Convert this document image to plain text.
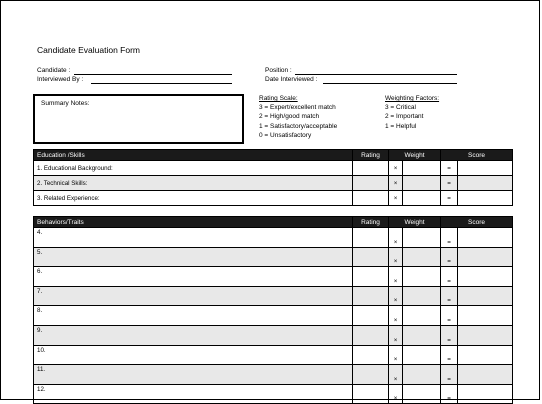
Candidate Evaluation Form
Candidate :
Interviewed By :
Position :
Date Interviewed :
Summary Notes:
Rating Scale:
3 = Expert/excellent match
2 = High/good match
1 = Satisfactory/acceptable
0 = Unsatisfactory
Weighting Factors:
3 = Critical
2 = Important
1 = Helpful
Education /Skills	Rating	Weight		Score	
1. Educational Background:		×		=	
2. Technical Skills:		×		=	
3. Related Experience:		×		=	
Behaviors/Traits	Rating	Weight		Score	
4.		×		=	
5.		×		=	
6.		×		=	
7.		×		=	
8.		×		=	
9.		×		=	
10.		×		=	
11.		×		=	
12.		×		=	
